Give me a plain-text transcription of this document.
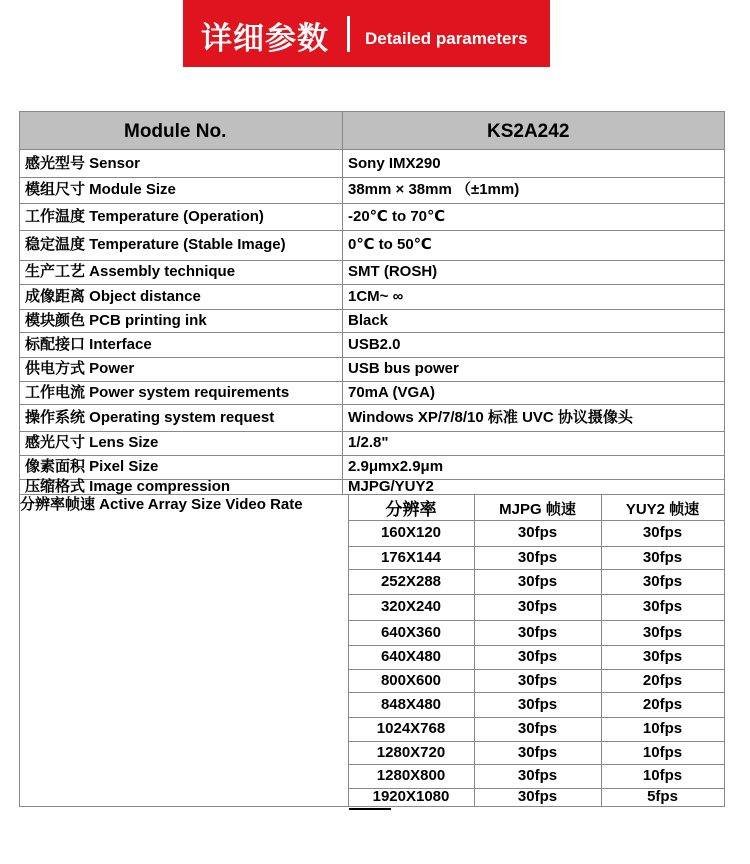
详细参数 Detailed parameters
Module No.	KS2A242
感光型号 Sensor	Sony IMX290
模组尺寸 Module Size	38mm × 38mm （±1mm)
工作温度 Temperature (Operation)	-20℃ to 70℃
稳定温度 Temperature (Stable Image)	0℃ to 50℃
生产工艺 Assembly technique	SMT (ROSH)
成像距离 Object distance	1CM~ ∞
模块颜色 PCB printing ink	Black
标配接口 Interface	USB2.0
供电方式 Power	USB bus power
工作电流 Power system requirements	70mA (VGA)
操作系统 Operating system request	Windows XP/7/8/10 标准 UVC 协议摄像头
感光尺寸 Lens Size	1/2.8"
像素面积 Pixel Size	2.9μmx2.9μm
压缩格式 Image compression	MJPG/YUY2
分辨率帧速 Active Array Size Video Rate	分辨率	MJPG 帧速	YUY2 帧速
160X120	30fps	30fps
176X144	30fps	30fps
252X288	30fps	30fps
320X240	30fps	30fps
640X360	30fps	30fps
640X480	30fps	30fps
800X600	30fps	20fps
848X480	30fps	20fps
1024X768	30fps	10fps
1280X720	30fps	10fps
1280X800	30fps	10fps
1920X1080	30fps	5fps
